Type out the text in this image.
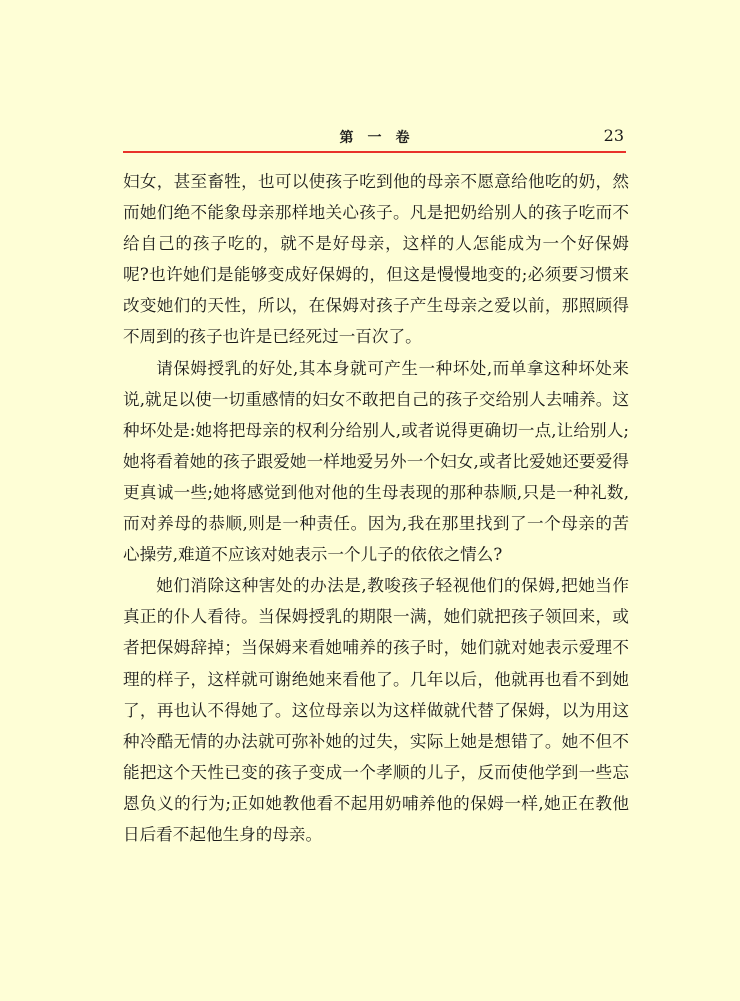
第　一　卷	23

妇女，甚至畜牲，也可以使孩子吃到他的母亲不愿意给他吃的奶，然而她们绝不能象母亲那样地关心孩子。凡是把奶给别人的孩子吃而不给自己的孩子吃的，就不是好母亲，这样的人怎能成为一个好保姆呢?也许她们是能够变成好保姆的，但这是慢慢地变的;必须要习惯来改变她们的天性，所以，在保姆对孩子产生母亲之爱以前，那照顾得不周到的孩子也许是已经死过一百次了。

请保姆授乳的好处,其本身就可产生一种坏处,而单拿这种坏处来说,就足以使一切重感情的妇女不敢把自己的孩子交给别人去哺养。这种坏处是:她将把母亲的权利分给别人,或者说得更确切一点,让给别人;她将看着她的孩子跟爱她一样地爱另外一个妇女,或者比爱她还要爱得更真诚一些;她将感觉到他对他的生母表现的那种恭顺,只是一种礼数,而对养母的恭顺,则是一种责任。因为,我在那里找到了一个母亲的苦心操劳,难道不应该对她表示一个儿子的依依之情么?

她们消除这种害处的办法是,教唆孩子轻视他们的保姆,把她当作真正的仆人看待。当保姆授乳的期限一满，她们就把孩子领回来，或者把保姆辞掉；当保姆来看她哺养的孩子时，她们就对她表示爱理不理的样子，这样就可谢绝她来看他了。几年以后，他就再也看不到她了，再也认不得她了。这位母亲以为这样做就代替了保姆，以为用这种冷酷无情的办法就可弥补她的过失，实际上她是想错了。她不但不能把这个天性已变的孩子变成一个孝顺的儿子，反而使他学到一些忘恩负义的行为;正如她教他看不起用奶哺养他的保姆一样,她正在教他日后看不起他生身的母亲。
